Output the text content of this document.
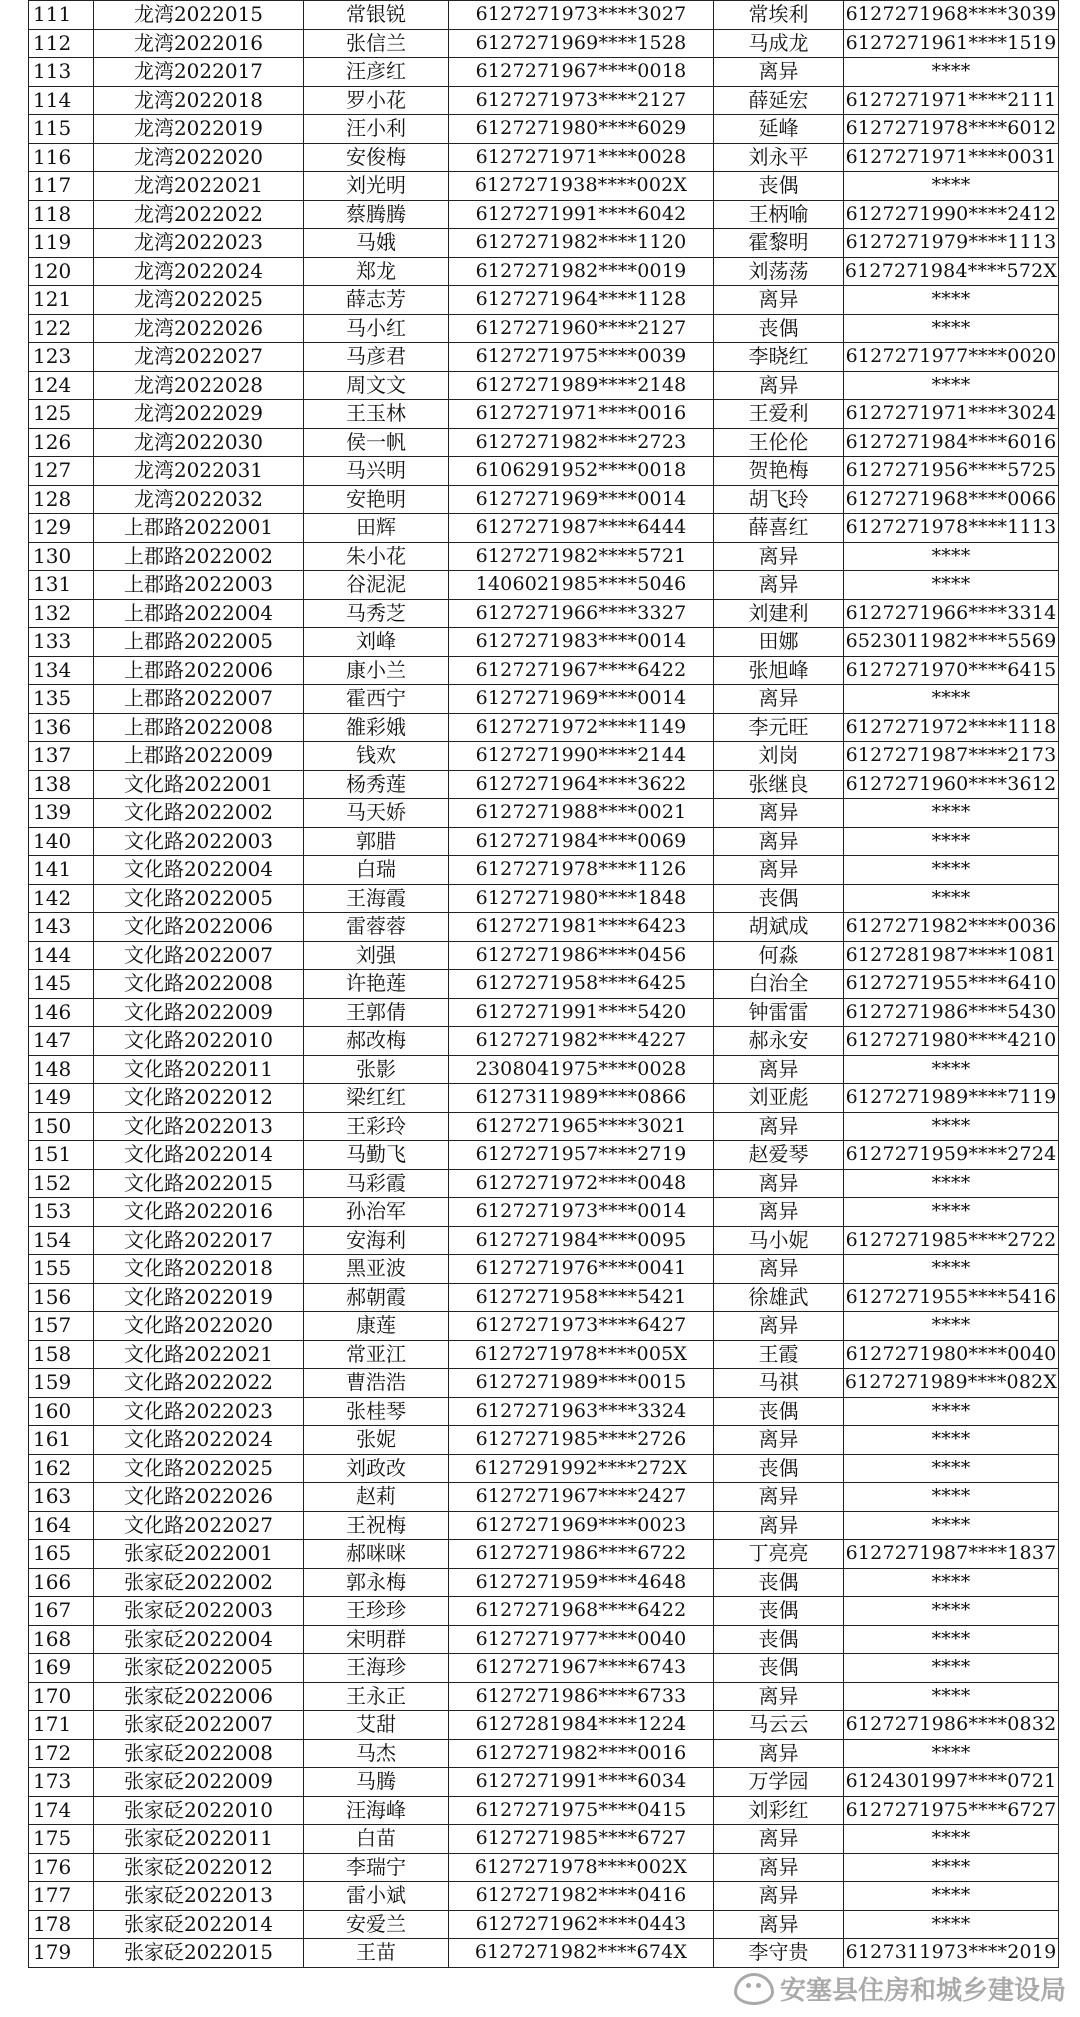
111	龙湾2022015	常银锐	6127271973****3027	常埃利	6127271968****3039
112	龙湾2022016	张信兰	6127271969****1528	马成龙	6127271961****1519
113	龙湾2022017	汪彦红	6127271967****0018	离异	****
114	龙湾2022018	罗小花	6127271973****2127	薛延宏	6127271971****2111
115	龙湾2022019	汪小利	6127271980****6029	延峰	6127271978****6012
116	龙湾2022020	安俊梅	6127271971****0028	刘永平	6127271971****0031
117	龙湾2022021	刘光明	6127271938****002X	丧偶	****
118	龙湾2022022	蔡腾腾	6127271991****6042	王柄喻	6127271990****2412
119	龙湾2022023	马娥	6127271982****1120	霍黎明	6127271979****1113
120	龙湾2022024	郑龙	6127271982****0019	刘荡荡	6127271984****572X
121	龙湾2022025	薛志芳	6127271964****1128	离异	****
122	龙湾2022026	马小红	6127271960****2127	丧偶	****
123	龙湾2022027	马彦君	6127271975****0039	李晓红	6127271977****0020
124	龙湾2022028	周文文	6127271989****2148	离异	****
125	龙湾2022029	王玉林	6127271971****0016	王爱利	6127271971****3024
126	龙湾2022030	侯一帆	6127271982****2723	王伦伦	6127271984****6016
127	龙湾2022031	马兴明	6106291952****0018	贺艳梅	6127271956****5725
128	龙湾2022032	安艳明	6127271969****0014	胡飞玲	6127271968****0066
129	上郡路2022001	田辉	6127271987****6444	薛喜红	6127271978****1113
130	上郡路2022002	朱小花	6127271982****5721	离异	****
131	上郡路2022003	谷泥泥	1406021985****5046	离异	****
132	上郡路2022004	马秀芝	6127271966****3327	刘建利	6127271966****3314
133	上郡路2022005	刘峰	6127271983****0014	田娜	6523011982****5569
134	上郡路2022006	康小兰	6127271967****6422	张旭峰	6127271970****6415
135	上郡路2022007	霍西宁	6127271969****0014	离异	****
136	上郡路2022008	雒彩娥	6127271972****1149	李元旺	6127271972****1118
137	上郡路2022009	钱欢	6127271990****2144	刘岗	6127271987****2173
138	文化路2022001	杨秀莲	6127271964****3622	张继良	6127271960****3612
139	文化路2022002	马天娇	6127271988****0021	离异	****
140	文化路2022003	郭腊	6127271984****0069	离异	****
141	文化路2022004	白瑞	6127271978****1126	离异	****
142	文化路2022005	王海霞	6127271980****1848	丧偶	****
143	文化路2022006	雷蓉蓉	6127271981****6423	胡斌成	6127271982****0036
144	文化路2022007	刘强	6127271986****0456	何淼	6127281987****1081
145	文化路2022008	许艳莲	6127271958****6425	白治全	6127271955****6410
146	文化路2022009	王郭倩	6127271991****5420	钟雷雷	6127271986****5430
147	文化路2022010	郝改梅	6127271982****4227	郝永安	6127271980****4210
148	文化路2022011	张影	2308041975****0028	离异	****
149	文化路2022012	梁红红	6127311989****0866	刘亚彪	6127271989****7119
150	文化路2022013	王彩玲	6127271965****3021	离异	****
151	文化路2022014	马勤飞	6127271957****2719	赵爱琴	6127271959****2724
152	文化路2022015	马彩霞	6127271972****0048	离异	****
153	文化路2022016	孙治军	6127271973****0014	离异	****
154	文化路2022017	安海利	6127271984****0095	马小妮	6127271985****2722
155	文化路2022018	黑亚波	6127271976****0041	离异	****
156	文化路2022019	郝朝霞	6127271958****5421	徐雄武	6127271955****5416
157	文化路2022020	康莲	6127271973****6427	离异	****
158	文化路2022021	常亚江	6127271978****005X	王霞	6127271980****0040
159	文化路2022022	曹浩浩	6127271989****0015	马祺	6127271989****082X
160	文化路2022023	张桂琴	6127271963****3324	丧偶	****
161	文化路2022024	张妮	6127271985****2726	离异	****
162	文化路2022025	刘政改	6127291992****272X	丧偶	****
163	文化路2022026	赵莉	6127271967****2427	离异	****
164	文化路2022027	王祝梅	6127271969****0023	离异	****
165	张家砭2022001	郝咪咪	6127271986****6722	丁亮亮	6127271987****1837
166	张家砭2022002	郭永梅	6127271959****4648	丧偶	****
167	张家砭2022003	王珍珍	6127271968****6422	丧偶	****
168	张家砭2022004	宋明群	6127271977****0040	丧偶	****
169	张家砭2022005	王海珍	6127271967****6743	丧偶	****
170	张家砭2022006	王永正	6127271986****6733	离异	****
171	张家砭2022007	艾甜	6127281984****1224	马云云	6127271986****0832
172	张家砭2022008	马杰	6127271982****0016	离异	****
173	张家砭2022009	马腾	6127271991****6034	万学园	6124301997****0721
174	张家砭2022010	汪海峰	6127271975****0415	刘彩红	6127271975****6727
175	张家砭2022011	白苗	6127271985****6727	离异	****
176	张家砭2022012	李瑞宁	6127271978****002X	离异	****
177	张家砭2022013	雷小斌	6127271982****0416	离异	****
178	张家砭2022014	安爱兰	6127271962****0443	离异	****
179	张家砭2022015	王苗	6127271982****674X	李守贵	6127311973****2019
安塞县住房和城乡建设局
